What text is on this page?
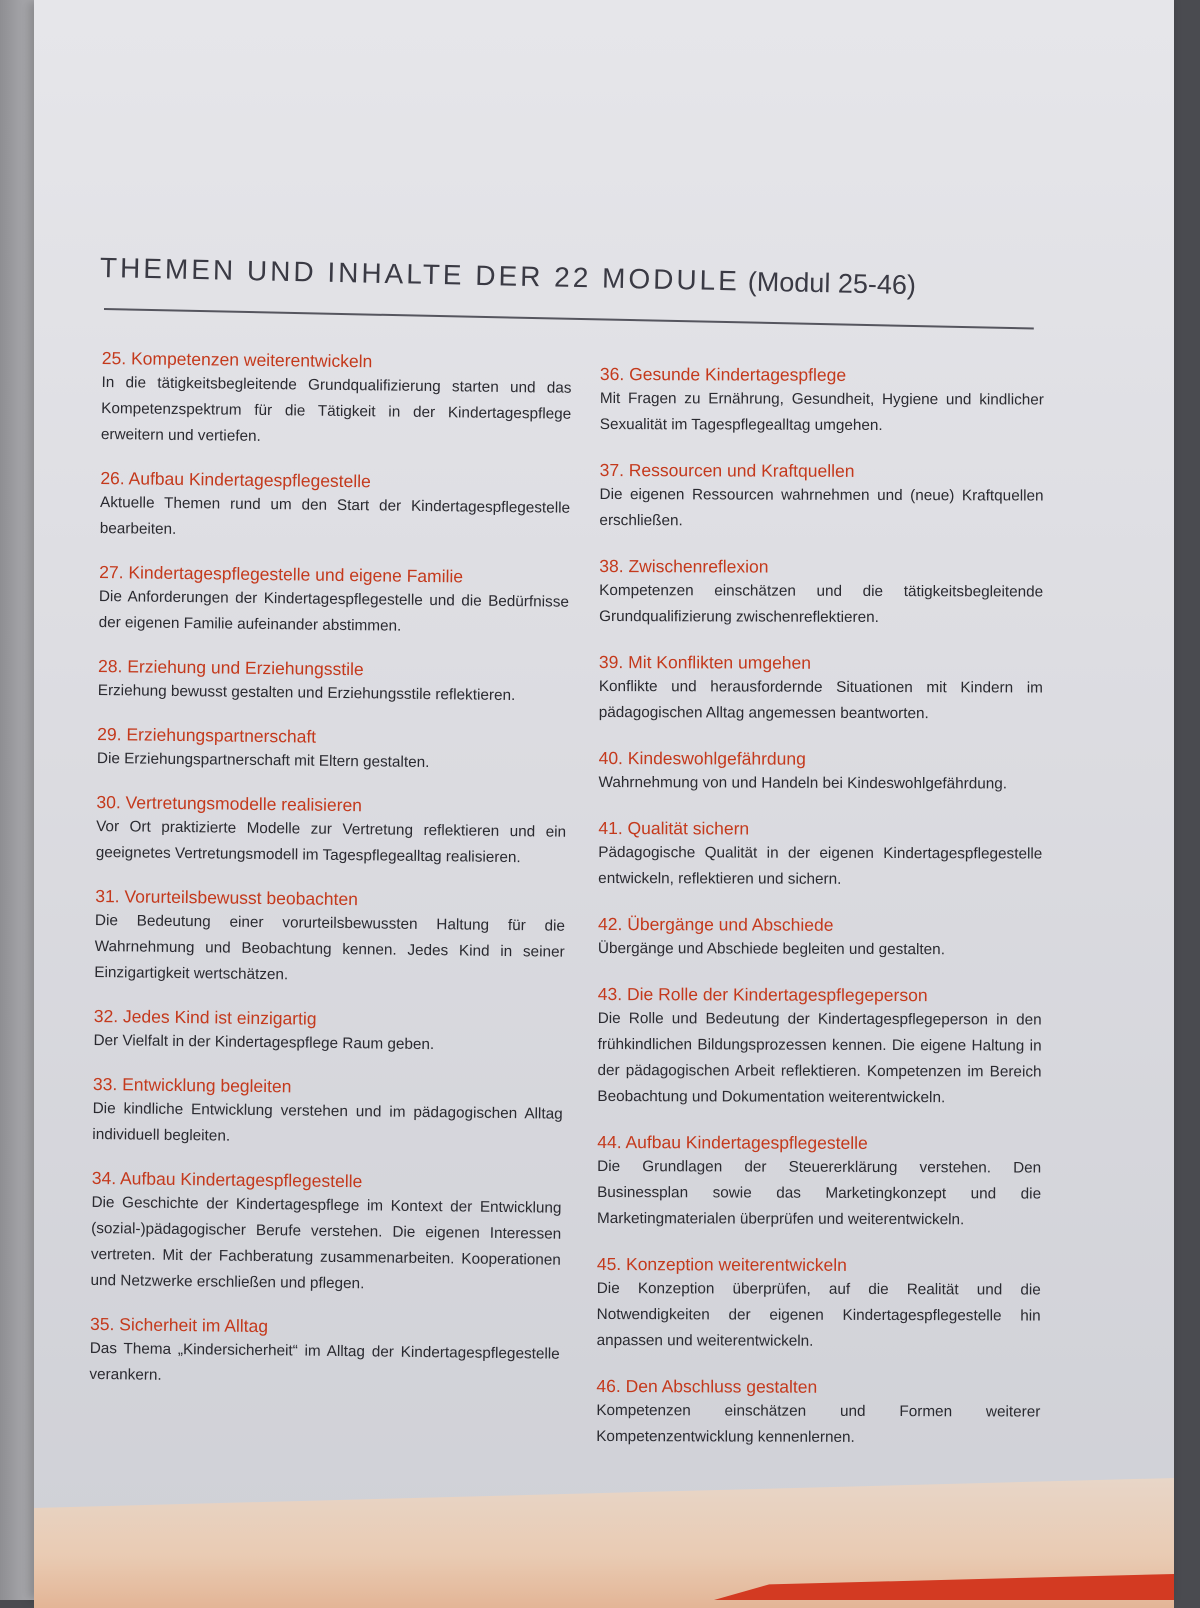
THEMEN UND INHALTE DER 22 MODULE (Modul 25-46)
25. Kompetenzen weiterentwickeln
In die tätigkeitsbegleitende Grundqualifizierung starten und das Kompetenzspektrum für die Tätigkeit in der Kindertagespflege erweitern und vertiefen.
26. Aufbau Kindertagespflegestelle
Aktuelle Themen rund um den Start der Kindertagespflegestelle bearbeiten.
27. Kindertagespflegestelle und eigene Familie
Die Anforderungen der Kindertagespflegestelle und die Bedürfnisse der eigenen Familie aufeinander abstimmen.
28. Erziehung und Erziehungsstile
Erziehung bewusst gestalten und Erziehungsstile reflektieren.
29. Erziehungspartnerschaft
Die Erziehungspartnerschaft mit Eltern gestalten.
30. Vertretungsmodelle realisieren
Vor Ort praktizierte Modelle zur Vertretung reflektieren und ein geeignetes Vertretungsmodell im Tagespflegealltag realisieren.
31. Vorurteilsbewusst beobachten
Die Bedeutung einer vorurteilsbewussten Haltung für die Wahrnehmung und Beobachtung kennen. Jedes Kind in seiner Einzigartigkeit wertschätzen.
32. Jedes Kind ist einzigartig
Der Vielfalt in der Kindertagespflege Raum geben.
33. Entwicklung begleiten
Die kindliche Entwicklung verstehen und im pädagogischen Alltag individuell begleiten.
34. Aufbau Kindertagespflegestelle
Die Geschichte der Kindertagespflege im Kontext der Entwicklung (sozial-)pädagogischer Berufe verstehen. Die eigenen Interessen vertreten. Mit der Fachberatung zusammenarbeiten. Kooperationen und Netzwerke erschließen und pflegen.
35. Sicherheit im Alltag
Das Thema „Kindersicherheit“ im Alltag der Kindertagespflegestelle verankern.
36. Gesunde Kindertagespflege
Mit Fragen zu Ernährung, Gesundheit, Hygiene und kindlicher Sexualität im Tagespflegealltag umgehen.
37. Ressourcen und Kraftquellen
Die eigenen Ressourcen wahrnehmen und (neue) Kraftquellen erschließen.
38. Zwischenreflexion
Kompetenzen einschätzen und die tätigkeitsbegleitende Grundqualifizierung zwischenreflektieren.
39. Mit Konflikten umgehen
Konflikte und herausfordernde Situationen mit Kindern im pädagogischen Alltag angemessen beantworten.
40. Kindeswohlgefährdung
Wahrnehmung von und Handeln bei Kindeswohlgefährdung.
41. Qualität sichern
Pädagogische Qualität in der eigenen Kindertagespflegestelle entwickeln, reflektieren und sichern.
42. Übergänge und Abschiede
Übergänge und Abschiede begleiten und gestalten.
43. Die Rolle der Kindertagespflegeperson
Die Rolle und Bedeutung der Kindertagespflegeperson in den frühkindlichen Bildungsprozessen kennen. Die eigene Haltung in der pädagogischen Arbeit reflektieren. Kompetenzen im Bereich Beobachtung und Dokumentation weiterentwickeln.
44. Aufbau Kindertagespflegestelle
Die Grundlagen der Steuererklärung verstehen. Den Businessplan sowie das Marketingkonzept und die Marketingmaterialen überprüfen und weiterentwickeln.
45. Konzeption weiterentwickeln
Die Konzeption überprüfen, auf die Realität und die Notwendigkeiten der eigenen Kindertagespflegestelle hin anpassen und weiterentwickeln.
46. Den Abschluss gestalten
Kompetenzen einschätzen und Formen weiterer Kompetenzentwicklung kennenlernen.
